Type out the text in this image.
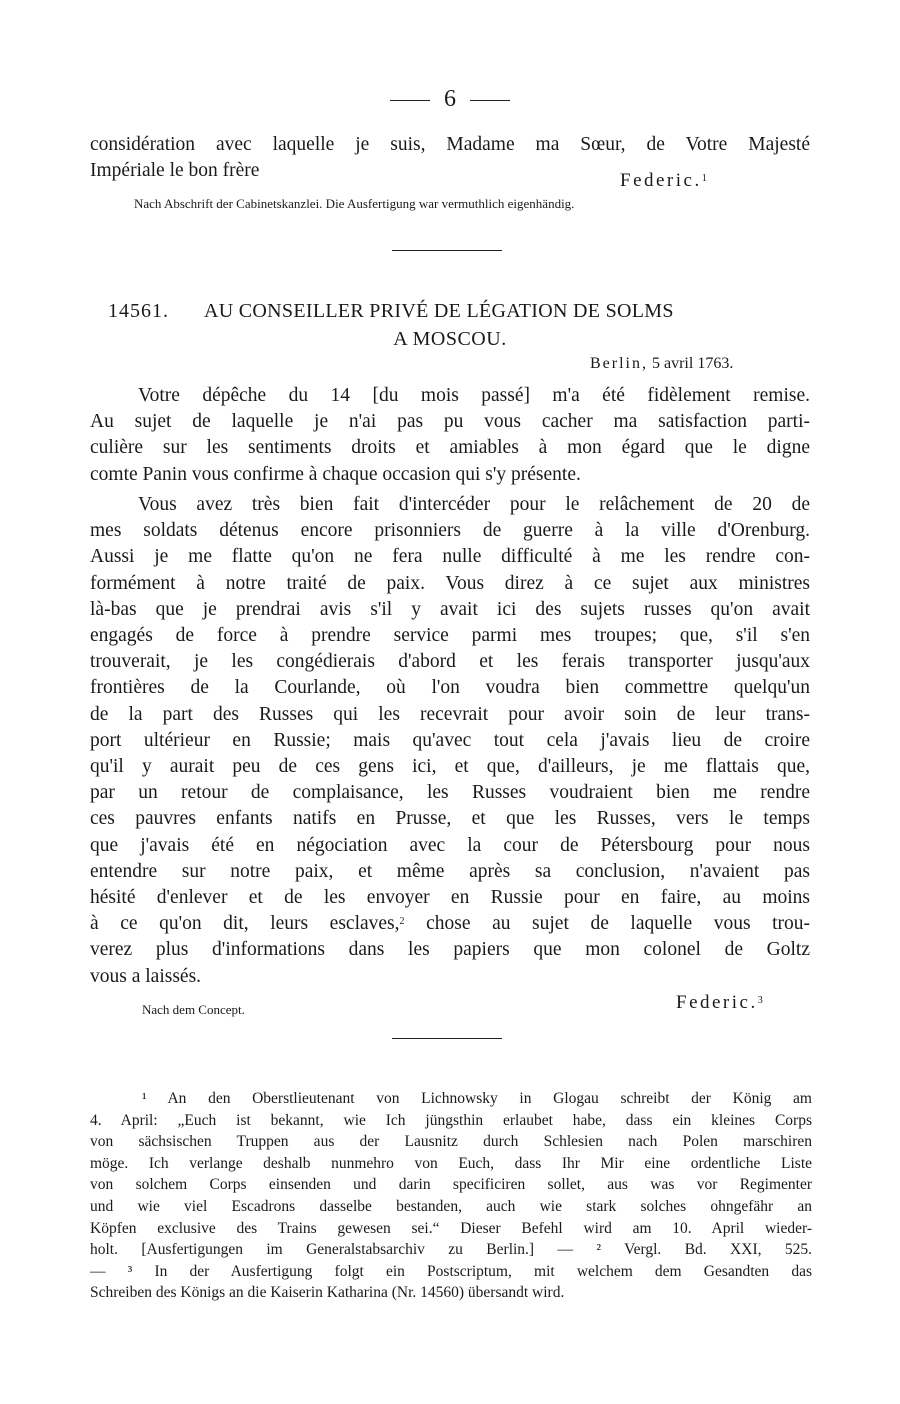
6
considération avec laquelle je suis, Madame ma Sœur, de Votre Majesté
Impériale le bon frère	Federic.$^1$
Nach Abschrift der Cabinetskanzlei. Die Ausfertigung war vermuthlich eigenhändig.
14561. AU CONSEILLER PRIVÉ DE LÉGATION DE SOLMS
A MOSCOU.
Berlin, 5 avril 1763.
Votre dépêche du 14 [du mois passé] m'a été fidèlement remise.
Au sujet de laquelle je n'ai pas pu vous cacher ma satisfaction parti-
culière sur les sentiments droits et amiables à mon égard que le digne
comte Panin vous confirme à chaque occasion qui s'y présente.
Vous avez très bien fait d'intercéder pour le relâchement de 20 de
mes soldats détenus encore prisonniers de guerre à la ville d'Orenburg.
Aussi je me flatte qu'on ne fera nulle difficulté à me les rendre con-
formément à notre traité de paix. Vous direz à ce sujet aux ministres
là-bas que je prendrai avis s'il y avait ici des sujets russes qu'on avait
engagés de force à prendre service parmi mes troupes; que, s'il s'en
trouverait, je les congédierais d'abord et les ferais transporter jusqu'aux
frontières de la Courlande, où l'on voudra bien commettre quelqu'un
de la part des Russes qui les recevrait pour avoir soin de leur trans-
port ultérieur en Russie; mais qu'avec tout cela j'avais lieu de croire
qu'il y aurait peu de ces gens ici, et que, d'ailleurs, je me flattais que,
par un retour de complaisance, les Russes voudraient bien me rendre
ces pauvres enfants natifs en Prusse, et que les Russes, vers le temps
que j'avais été en négociation avec la cour de Pétersbourg pour nous
entendre sur notre paix, et même après sa conclusion, n'avaient pas
hésité d'enlever et de les envoyer en Russie pour en faire, au moins
à ce qu'on dit, leurs esclaves,$^2$ chose au sujet de laquelle vous trou-
verez plus d'informations dans les papiers que mon colonel de Goltz
vous a laissés.
Nach dem Concept.	Federic.$^3$
¹ An den Oberstlieutenant von Lichnowsky in Glogau schreibt der König am
4. April: „Euch ist bekannt, wie Ich jüngsthin erlaubet habe, dass ein kleines Corps
von sächsischen Truppen aus der Lausnitz durch Schlesien nach Polen marschiren
möge. Ich verlange deshalb nunmehro von Euch, dass Ihr Mir eine ordentliche Liste
von solchem Corps einsenden und darin specificiren sollet, aus was vor Regimenter
und wie viel Escadrons dasselbe bestanden, auch wie stark solches ohngefähr an
Köpfen exclusive des Trains gewesen sei.“ Dieser Befehl wird am 10. April wieder-
holt. [Ausfertigungen im Generalstabsarchiv zu Berlin.] — ² Vergl. Bd. XXI, 525.
— ³ In der Ausfertigung folgt ein Postscriptum, mit welchem dem Gesandten das
Schreiben des Königs an die Kaiserin Katharina (Nr. 14560) übersandt wird.
